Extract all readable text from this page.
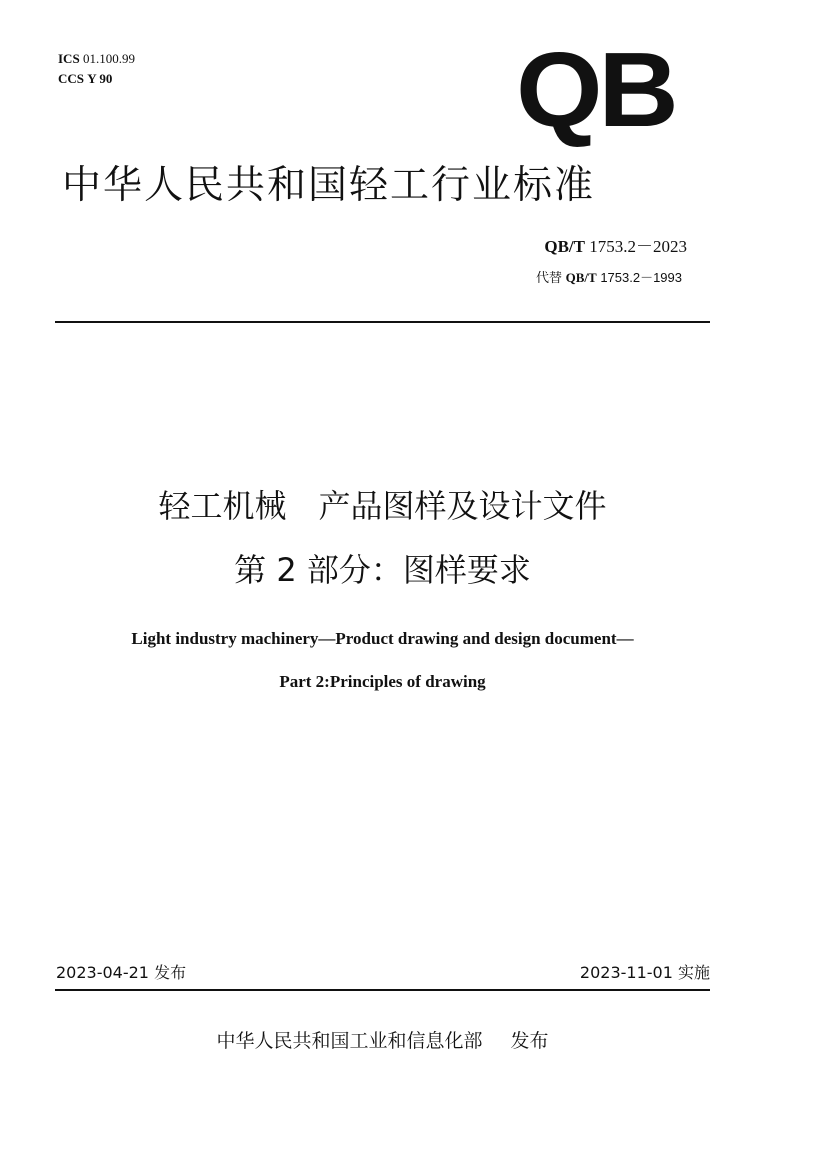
ICS 01.100.99
CCS Y 90	QB
中华人民共和国轻工行业标准
QB/T 1753.2－2023
代替 QB/T 1753.2－1993
轻工机械　产品图样及设计文件
第 2 部分：图样要求
Light industry machinery—Product drawing and design document—
Part 2:Principles of drawing
2023-04-21 发布	2023-11-01 实施
中华人民共和国工业和信息化部 发布
